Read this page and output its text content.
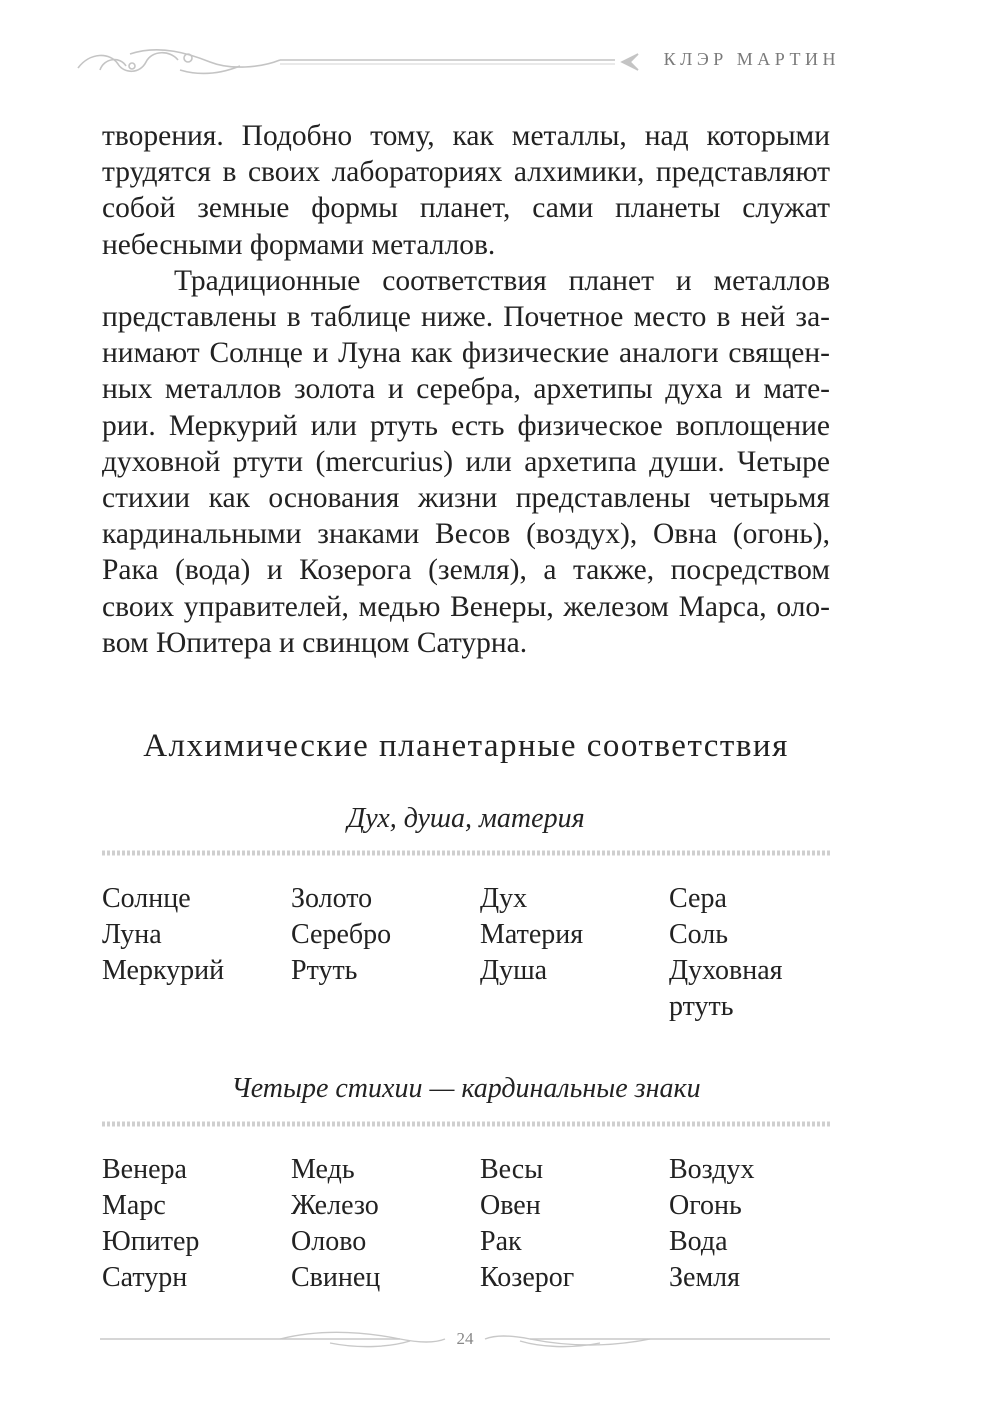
КЛЭР МАРТИН

творения. Подобно тому, как металлы, над которыми трудятся в своих лабораториях алхимики, представляют собой земные формы планет, сами планеты служат небесными формами металлов.

Традиционные соответствия планет и металлов представлены в таблице ниже. Почетное место в ней занимают Солнце и Луна как физические аналоги священных металлов золота и серебра, архетипы духа и материи. Меркурий или ртуть есть физическое воплощение духовной ртути (mercurius) или архетипа души. Четыре стихии как основания жизни представлены четырьмя кардинальными знаками Весов (воздух), Овна (огонь), Рака (вода) и Козерога (земля), а также, посредством своих управителей, медью Венеры, железом Марса, оловом Юпитера и свинцом Сатурна.

Алхимические планетарные соответствия
Дух, душа, материя
Солнце	Золото	Дух	Сера
Луна	Серебро	Материя	Соль
Меркурий	Ртуть	Душа	Духовная
ртуть
Четыре стихии — кардинальные знаки
Венера	Медь	Весы	Воздух
Марс	Железо	Овен	Огонь
Юпитер	Олово	Рак	Вода
Сатурн	Свинец	Козерог	Земля
24
